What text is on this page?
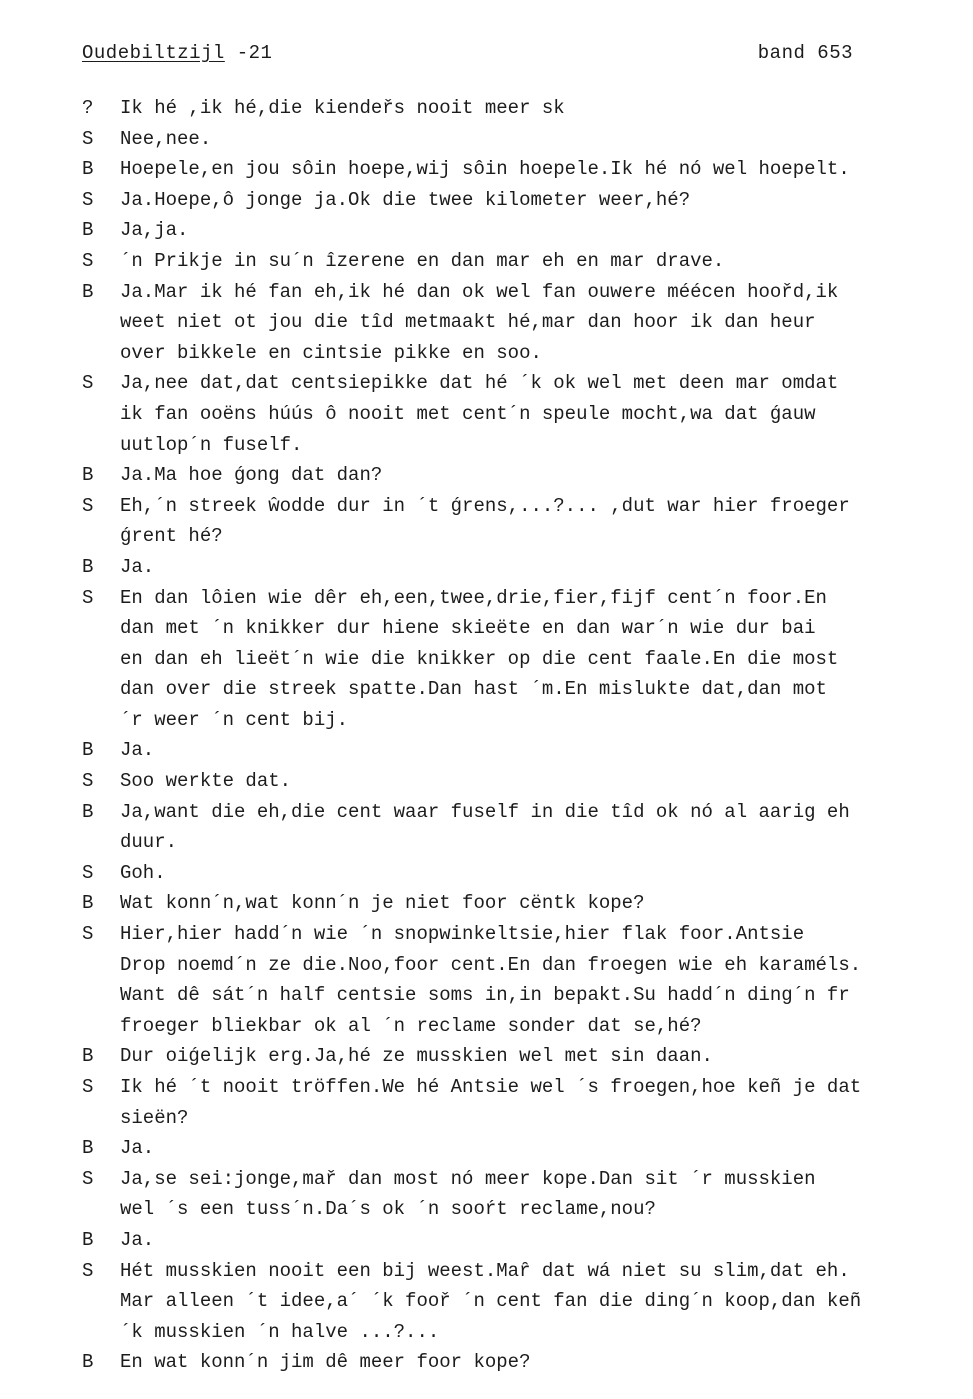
Oudebiltzijl -21	band 653
?	Ik hé ,ik hé,die kiendeřs nooit meer sk
S	Nee,nee.
B	Hoepele,en jou sôin hoepe,wij sôin hoepele.Ik hé nó wel hoepelt.
S	Ja.Hoepe,ô jonge ja.Ok die twee kilometer weer,hé?
B	Ja,ja.
S	´n Prikje in su´n îzerene en dan mar eh en mar drave.
B	Ja.Mar ik hé fan eh,ik hé dan ok wel fan ouwere mééсen hoořd,ik
weet niet ot jou die tîd metmaakt hé,mar dan hoor ik dan heur
over bikkele en cintsie pikke en soo.
S	Ja,nee dat,dat centsiepikke dat hé ´k ok wel met deen mar omdat
ik fan ooëns húús ô nooit met cent´n speule mocht,wa dat ǵauw
uutlop´n fuself.
B	Ja.Ma hoe ǵong dat dan?
S	Eh,´n streek ŵodde dur in ´t ǵrens,...?... ,dut war hier froeger
ǵrent hé?
B	Ja.
S	En dan lôien wie dêr eh,een,twee,drie,fier,fijf cent´n foor.En
dan met ´n knikker dur hiene skieëte en dan war´n wie dur bai
en dan eh lieët´n wie die knikker op die cent faale.En die most
dan over die streek spatte.Dan hast ´m.En mislukte dat,dan mot
´r weer ´n cent bij.
B	Ja.
S	Soo werkte dat.
B	Ja,want die eh,die cent waar fuself in die tîd ok nó al aarig eh
duur.
S	Goh.
B	Wat konn´n,wat konn´n je niet foor cëntk kope?
S	Hier,hier hadd´n wie ´n snopwinkeltsie,hier flak foor.Antsie
Drop noemd´n ze die.Noo,foor cent.En dan froegen wie eh karaméls.
Want dê sát´n half centsie soms in,in bepakt.Su hadd´n ding´n fr
froeger bliekbar ok al ´n reclame sonder dat se,hé?
B	Dur oiǵelijk erg.Ja,hé ze musskien wel met sin daan.
S	Ik hé ´t nooit tröffen.We hé Antsie wel ´s froegen,hoe keñ je dat
sieën?
B	Ja.
S	Ja,se sei:jonge,mař dan most nó meer kope.Dan sit ´r musskien
wel ´s een tuss´n.Da´s ok ´n sooŕt reclame,nou?
B	Ja.
S	Hét musskien nooit een bij weest.Maȓ dat wá niet su slim,dat eh.
Mar alleen ´t idee,a´ ´k fooř ´n cent fan die ding´n koop,dan keñ
´k musskien ´n halve ...?...
B	En wat konn´n jim dê meer foor kope?
